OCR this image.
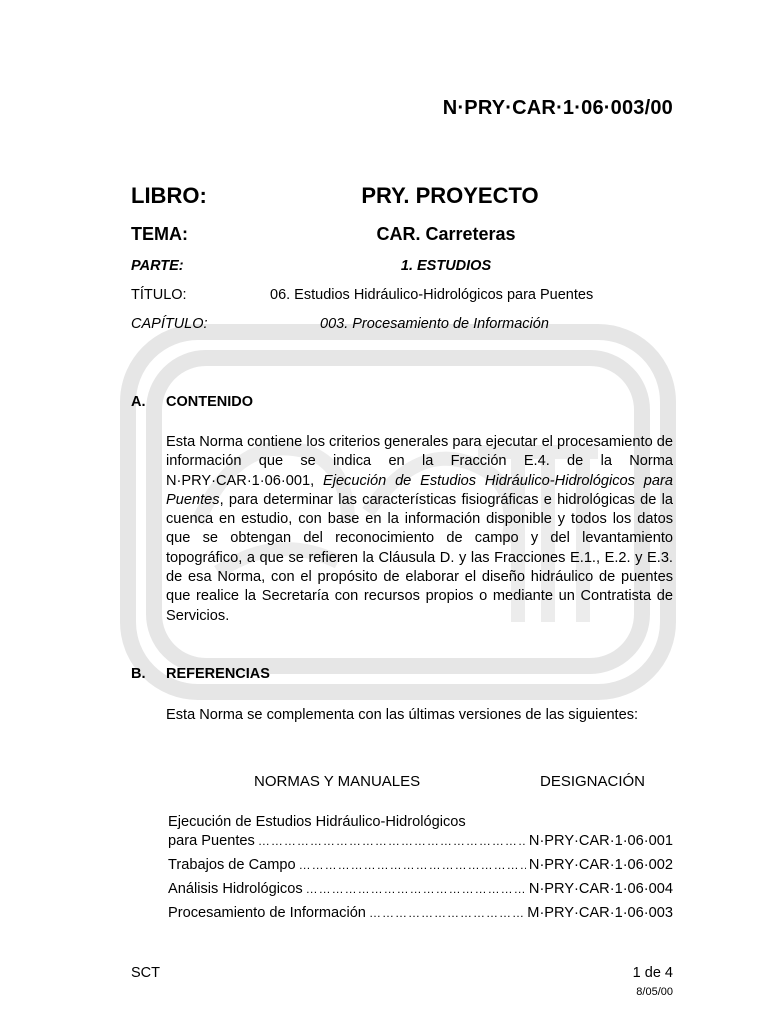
N·PRY·CAR·1·06·003/00
LIBRO:	PRY. PROYECTO
TEMA:	CAR. Carreteras
PARTE:	1. ESTUDIOS
TÍTULO:	06. Estudios Hidráulico-Hidrológicos para Puentes
CAPÍTULO:	003. Procesamiento de Información
A. CONTENIDO
Esta Norma contiene los criterios generales para ejecutar el procesamiento de información que se indica en la Fracción E.4. de la Norma N·PRY·CAR·1·06·001, Ejecución de Estudios Hidráulico-Hidrológicos para Puentes, para determinar las características fisiográficas e hidrológicas de la cuenca en estudio, con base en la información disponible y todos los datos que se obtengan del reconocimiento de campo y del levantamiento topográfico, a que se refieren la Cláusula D. y las Fracciones E.1., E.2. y E.3. de esa Norma, con el propósito de elaborar el diseño hidráulico de puentes que realice la Secretaría con recursos propios o mediante un Contratista de Servicios.
B. REFERENCIAS
Esta Norma se complementa con las últimas versiones de las siguientes:
NORMAS Y MANUALES	DESIGNACIÓN
Ejecución de Estudios Hidráulico-Hidrológicos
para Puentes ……………………………………………………………………………………………………………	N·PRY·CAR·1·06·001
Trabajos de Campo ……………………………………………………………………………………………………………	N·PRY·CAR·1·06·002
Análisis Hidrológicos ……………………………………………………………………………………………………………	N·PRY·CAR·1·06·004
Procesamiento de Información ……………………………………………………………………………………………………………	M·PRY·CAR·1·06·003
SCT	1 de 4
8/05/00
